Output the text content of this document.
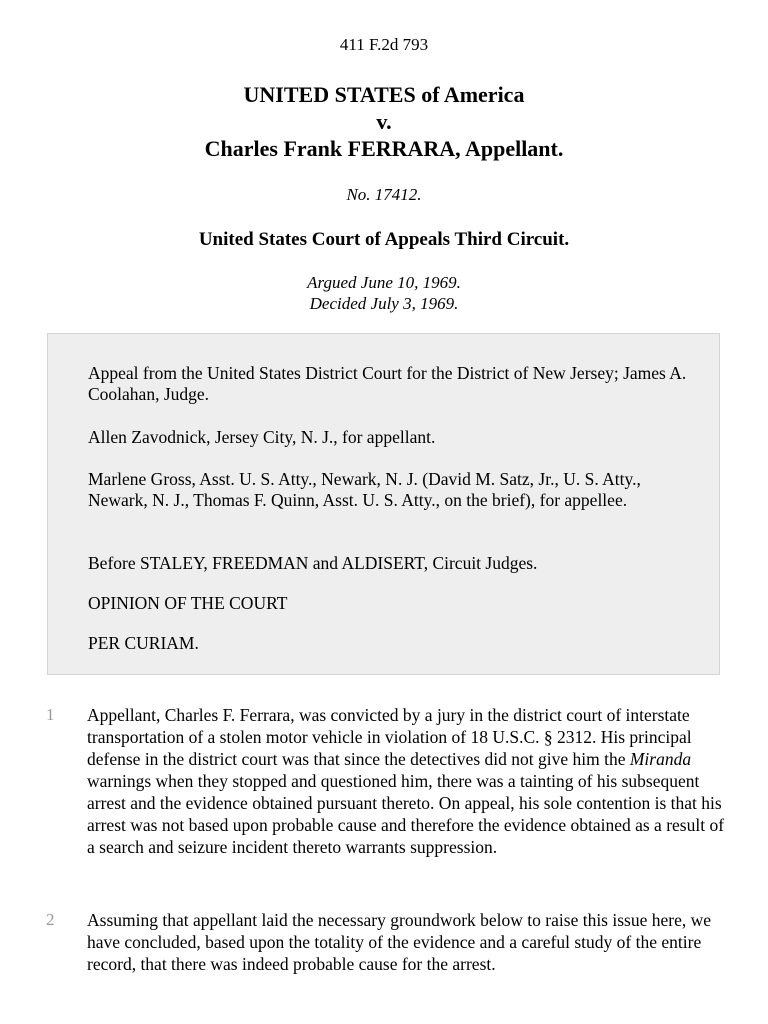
411 F.2d 793
UNITED STATES of America
v.
Charles Frank FERRARA, Appellant.
No. 17412.
United States Court of Appeals Third Circuit.
Argued June 10, 1969.
Decided July 3, 1969.

Appeal from the United States District Court for the District of New Jersey; James A. Coolahan, Judge.

Allen Zavodnick, Jersey City, N. J., for appellant.

Marlene Gross, Asst. U. S. Atty., Newark, N. J. (David M. Satz, Jr., U. S. Atty., Newark, N. J., Thomas F. Quinn, Asst. U. S. Atty., on the brief), for appellee.

Before STALEY, FREEDMAN and ALDISERT, Circuit Judges.

OPINION OF THE COURT

PER CURIAM.

1 Appellant, Charles F. Ferrara, was convicted by a jury in the district court of interstate transportation of a stolen motor vehicle in violation of 18 U.S.C. § 2312. His principal defense in the district court was that since the detectives did not give him the Miranda warnings when they stopped and questioned him, there was a tainting of his subsequent arrest and the evidence obtained pursuant thereto. On appeal, his sole contention is that his arrest was not based upon probable cause and therefore the evidence obtained as a result of a search and seizure incident thereto warrants suppression.

2 Assuming that appellant laid the necessary groundwork below to raise this issue here, we have concluded, based upon the totality of the evidence and a careful study of the entire record, that there was indeed probable cause for the arrest.
